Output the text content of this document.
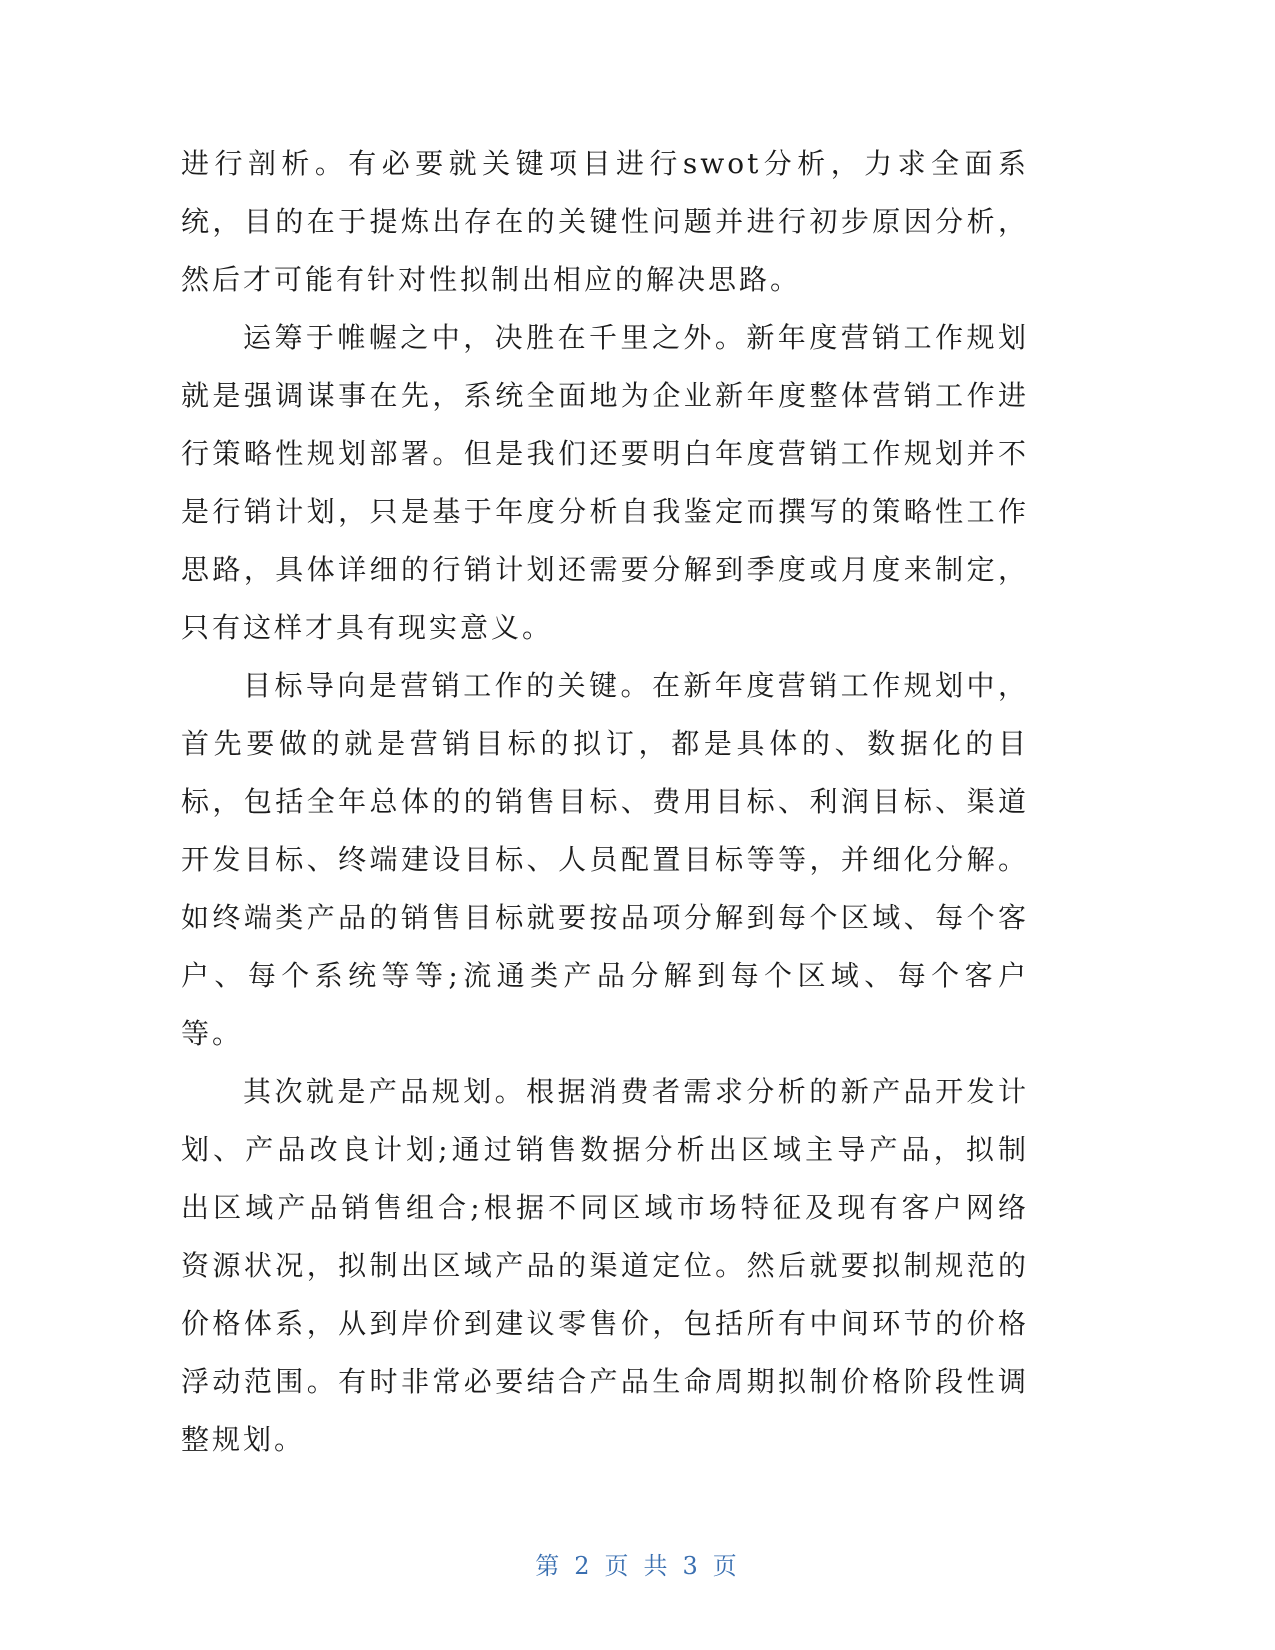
进行剖析。有必要就关键项目进行swot分析，力求全面系统，目的在于提炼出存在的关键性问题并进行初步原因分析，然后才可能有针对性拟制出相应的解决思路。

运筹于帷幄之中，决胜在千里之外。新年度营销工作规划就是强调谋事在先，系统全面地为企业新年度整体营销工作进行策略性规划部署。但是我们还要明白年度营销工作规划并不是行销计划，只是基于年度分析自我鉴定而撰写的策略性工作思路，具体详细的行销计划还需要分解到季度或月度来制定，只有这样才具有现实意义。

目标导向是营销工作的关键。在新年度营销工作规划中，首先要做的就是营销目标的拟订，都是具体的、数据化的目标，包括全年总体的的销售目标、费用目标、利润目标、渠道开发目标、终端建设目标、人员配置目标等等，并细化分解。如终端类产品的销售目标就要按品项分解到每个区域、每个客户、每个系统等等;流通类产品分解到每个区域、每个客户等。

其次就是产品规划。根据消费者需求分析的新产品开发计划、产品改良计划;通过销售数据分析出区域主导产品，拟制出区域产品销售组合;根据不同区域市场特征及现有客户网络资源状况，拟制出区域产品的渠道定位。然后就要拟制规范的价格体系，从到岸价到建议零售价，包括所有中间环节的价格浮动范围。有时非常必要结合产品生命周期拟制价格阶段性调整规划。

第 2 页 共 3 页
